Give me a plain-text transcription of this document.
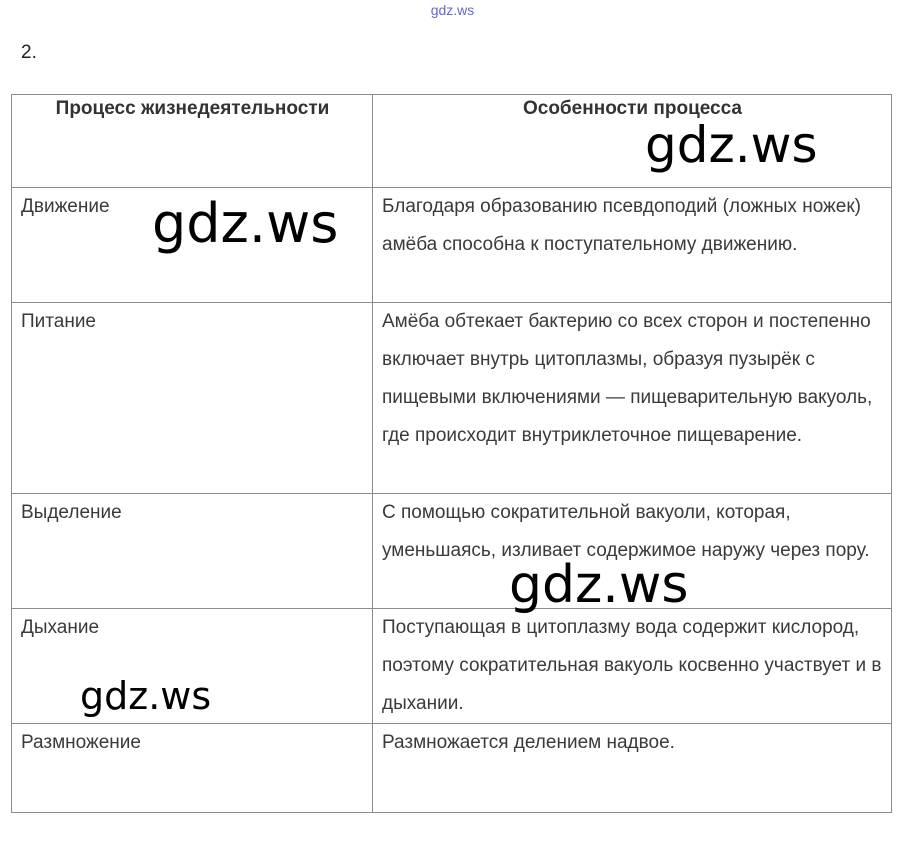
gdz.ws
2.
Процесс жизнедеятельности	Особенности процесса
Движение	Благодаря образованию псевдоподий (ложных ножек) амёба способна к поступательному движению.
Питание	Амёба обтекает бактерию со всех сторон и постепенно включает внутрь цитоплазмы, образуя пузырёк с пищевыми включениями — пищеварительную вакуоль, где происходит внутриклеточное пищеварение.
Выделение	С помощью сократительной вакуоли, которая, уменьшаясь, изливает содержимое наружу через пору.
Дыхание	Поступающая в цитоплазму вода содержит кислород, поэтому сократительная вакуоль косвенно участвует и в дыхании.
Размножение	Размножается делением надвое.
gdz.ws
gdz.ws
gdz.ws
gdz.ws
